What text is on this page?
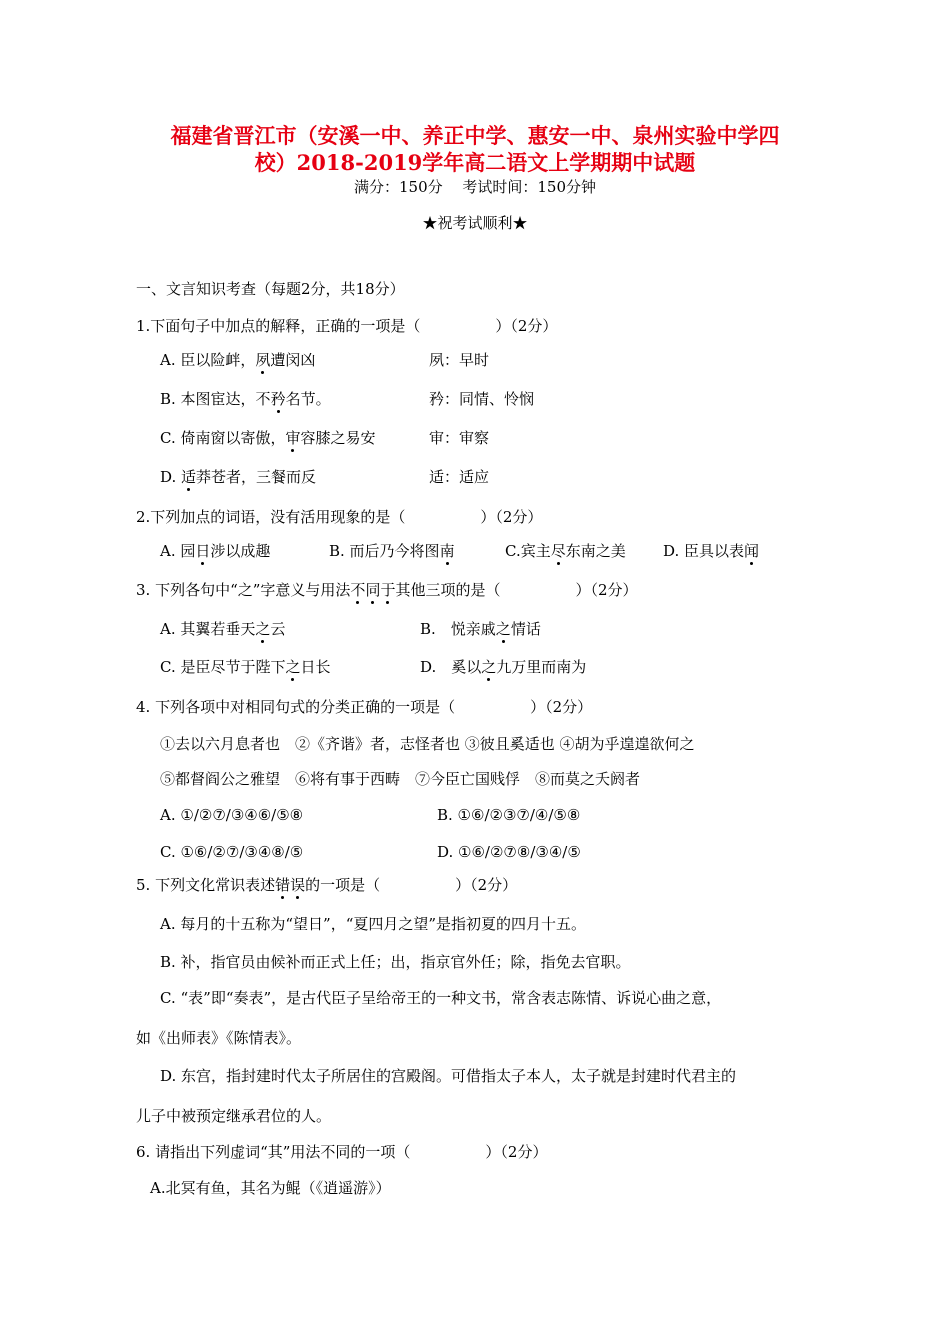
福建省晋江市（安溪一中、养正中学、惠安一中、泉州实验中学四
校）2018-2019学年高二语文上学期期中试题
满分：150分　 考试时间：150分钟
★祝考试顺利★
一、文言知识考查（每题2分，共18分）
1.下面句子中加点的解释，正确的一项是（　　　　　）（2分）
A. 臣以险衅，夙遭闵凶	夙：早时
B. 本图宦达，不矜名节。	矜：同情、怜悯
C. 倚南窗以寄傲，审容膝之易安	审：审察
D. 适莽苍者，三餐而反	适：适应
2.下列加点的词语，没有活用现象的是（　　　　　）（2分）
A. 园日涉以成趣	B. 而后乃今将图南	C.宾主尽东南之美 D. 臣具以表闻
3. 下列各句中“之”字意义与用法不同于其他三项的是（　　　　　）（2分）
A. 其翼若垂天之云	B.　悦亲戚之情话
C. 是臣尽节于陛下之日长	D.　奚以之九万里而南为
4. 下列各项中对相同句式的分类正确的一项是（　　　　　）（2分）
①去以六月息者也　②《齐谐》者，志怪者也 ③彼且奚适也 ④胡为乎遑遑欲何之
⑤都督阎公之雅望　⑥将有事于西畴　⑦今臣亡国贱俘　⑧而莫之夭阏者
A. ①/②⑦/③④⑥/⑤⑧	B. ①⑥/②③⑦/④/⑤⑧
C. ①⑥/②⑦/③④⑧/⑤	D. ①⑥/②⑦⑧/③④/⑤
5. 下列文化常识表述错误的一项是（　　　　　）（2分）
A. 每月的十五称为“望日”，“夏四月之望”是指初夏的四月十五。
B. 补，指官员由候补而正式上任；出，指京官外任；除，指免去官职。
C. “表”即“奏表”，是古代臣子呈给帝王的一种文书，常含表志陈情、诉说心曲之意，
如《出师表》《陈情表》。
D. 东宫，指封建时代太子所居住的宫殿阁。可借指太子本人，太子就是封建时代君主的
儿子中被预定继承君位的人。
6. 请指出下列虚词“其”用法不同的一项（　　　　　）（2分）
A.北冥有鱼，其名为鲲（《逍遥游》）
